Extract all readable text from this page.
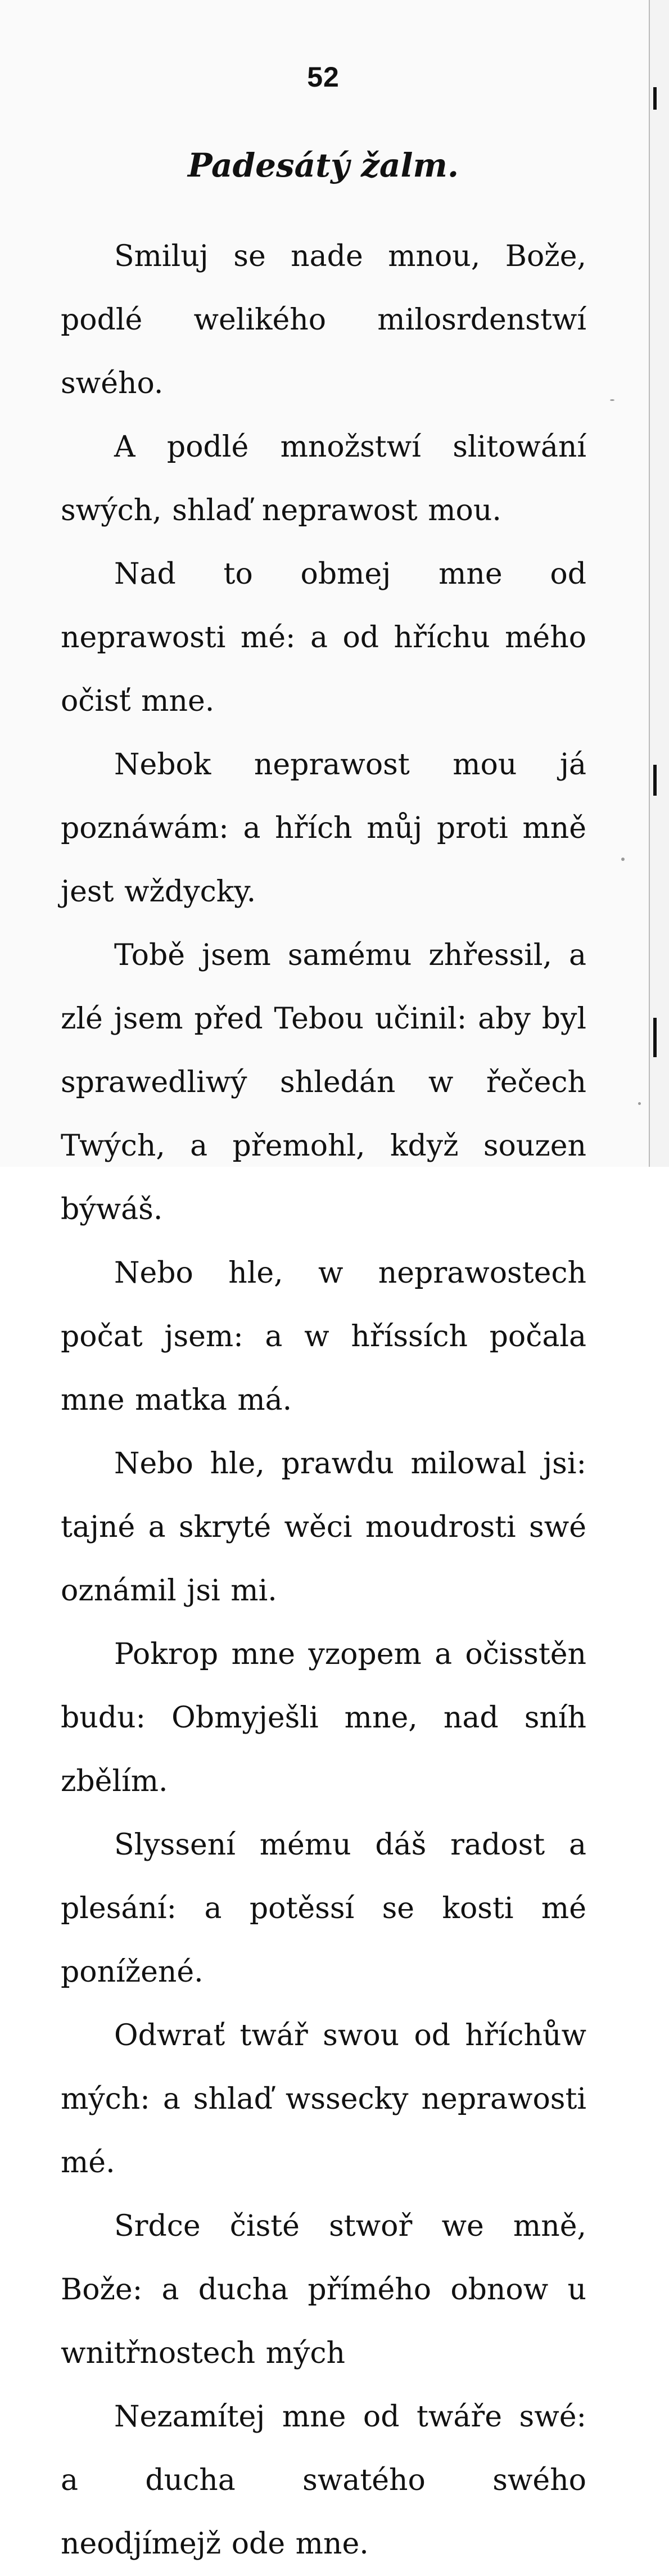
52
Padesátý žalm.

Smiluj se nade mnou, Bože, podlé welikého milosrdenstwí swého.

A podlé množstwí slitowání swých, shlaď neprawost mou.

Nad to obmej mne od neprawosti mé: a od hříchu mého očisť mne.

Nebok neprawost mou já poznáwám: a hřích můj proti mně jest wždycky.

Tobě jsem samému zhřessil, a zlé jsem před Tebou učinil: aby byl sprawedliwý shledán w řečech Twých, a přemohl, když souzen býwáš.

Nebo hle, w neprawostech počat jsem: a w hříssích počala mne matka má.

Nebo hle, prawdu milowal jsi: tajné a skryté wěci moudrosti swé oznámil jsi mi.

Pokrop mne yzopem a očisstěn budu: Obmyješli mne, nad sníh zbělím.

Slyssení mému dáš radost a plesání: a potěssí se kosti mé ponížené.

Odwrať twář swou od hříchůw mých: a shlaď wssecky neprawosti mé.

Srdce čisté stwoř we mně, Bože: a ducha přímého obnow u wnitřnostech mých

Nezamítej mne od twáře swé: a ducha swatého swého neodjímejž ode mne.
